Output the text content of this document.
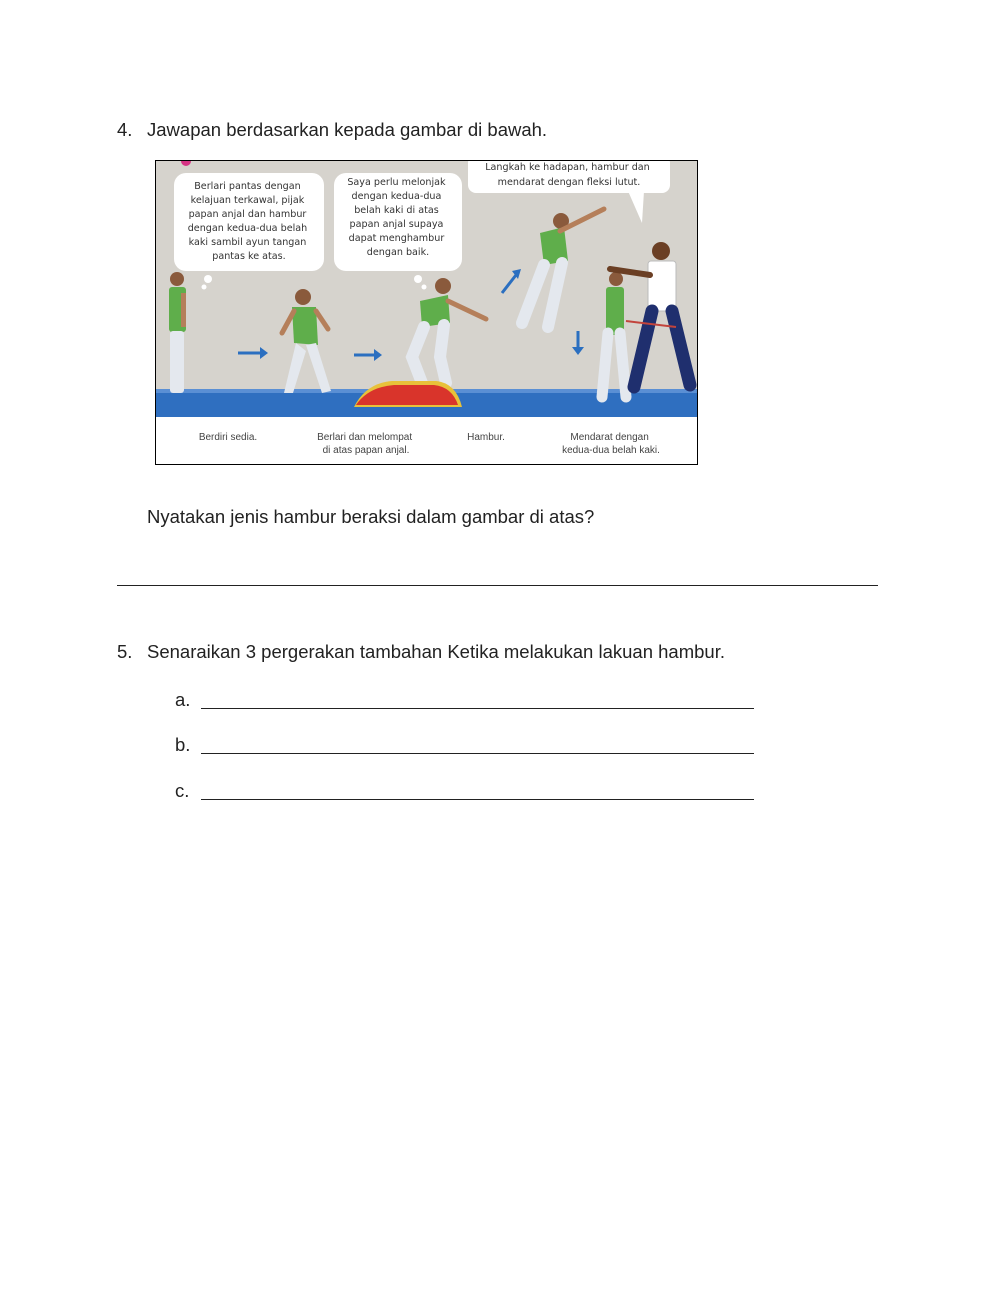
4. Jawapan berdasarkan kepada gambar di bawah.
Berlari pantas dengan kelajuan terkawal, pijak papan anjal dan hambur dengan kedua-dua belah kaki sambil ayun tangan pantas ke atas.
Saya perlu melonjak dengan kedua-dua belah kaki di atas papan anjal supaya dapat menghambur dengan baik.
Langkah ke hadapan, hambur dan mendarat dengan fleksi lutut.
Berdiri sedia.	Berlari dan melompat di atas papan anjal.
Hambur.	Mendarat dengan kedua-dua belah kaki.
Nyatakan jenis hambur beraksi dalam gambar di atas?
5. Senaraikan 3 pergerakan tambahan Ketika melakukan lakuan hambur.
a.
b.
c.
